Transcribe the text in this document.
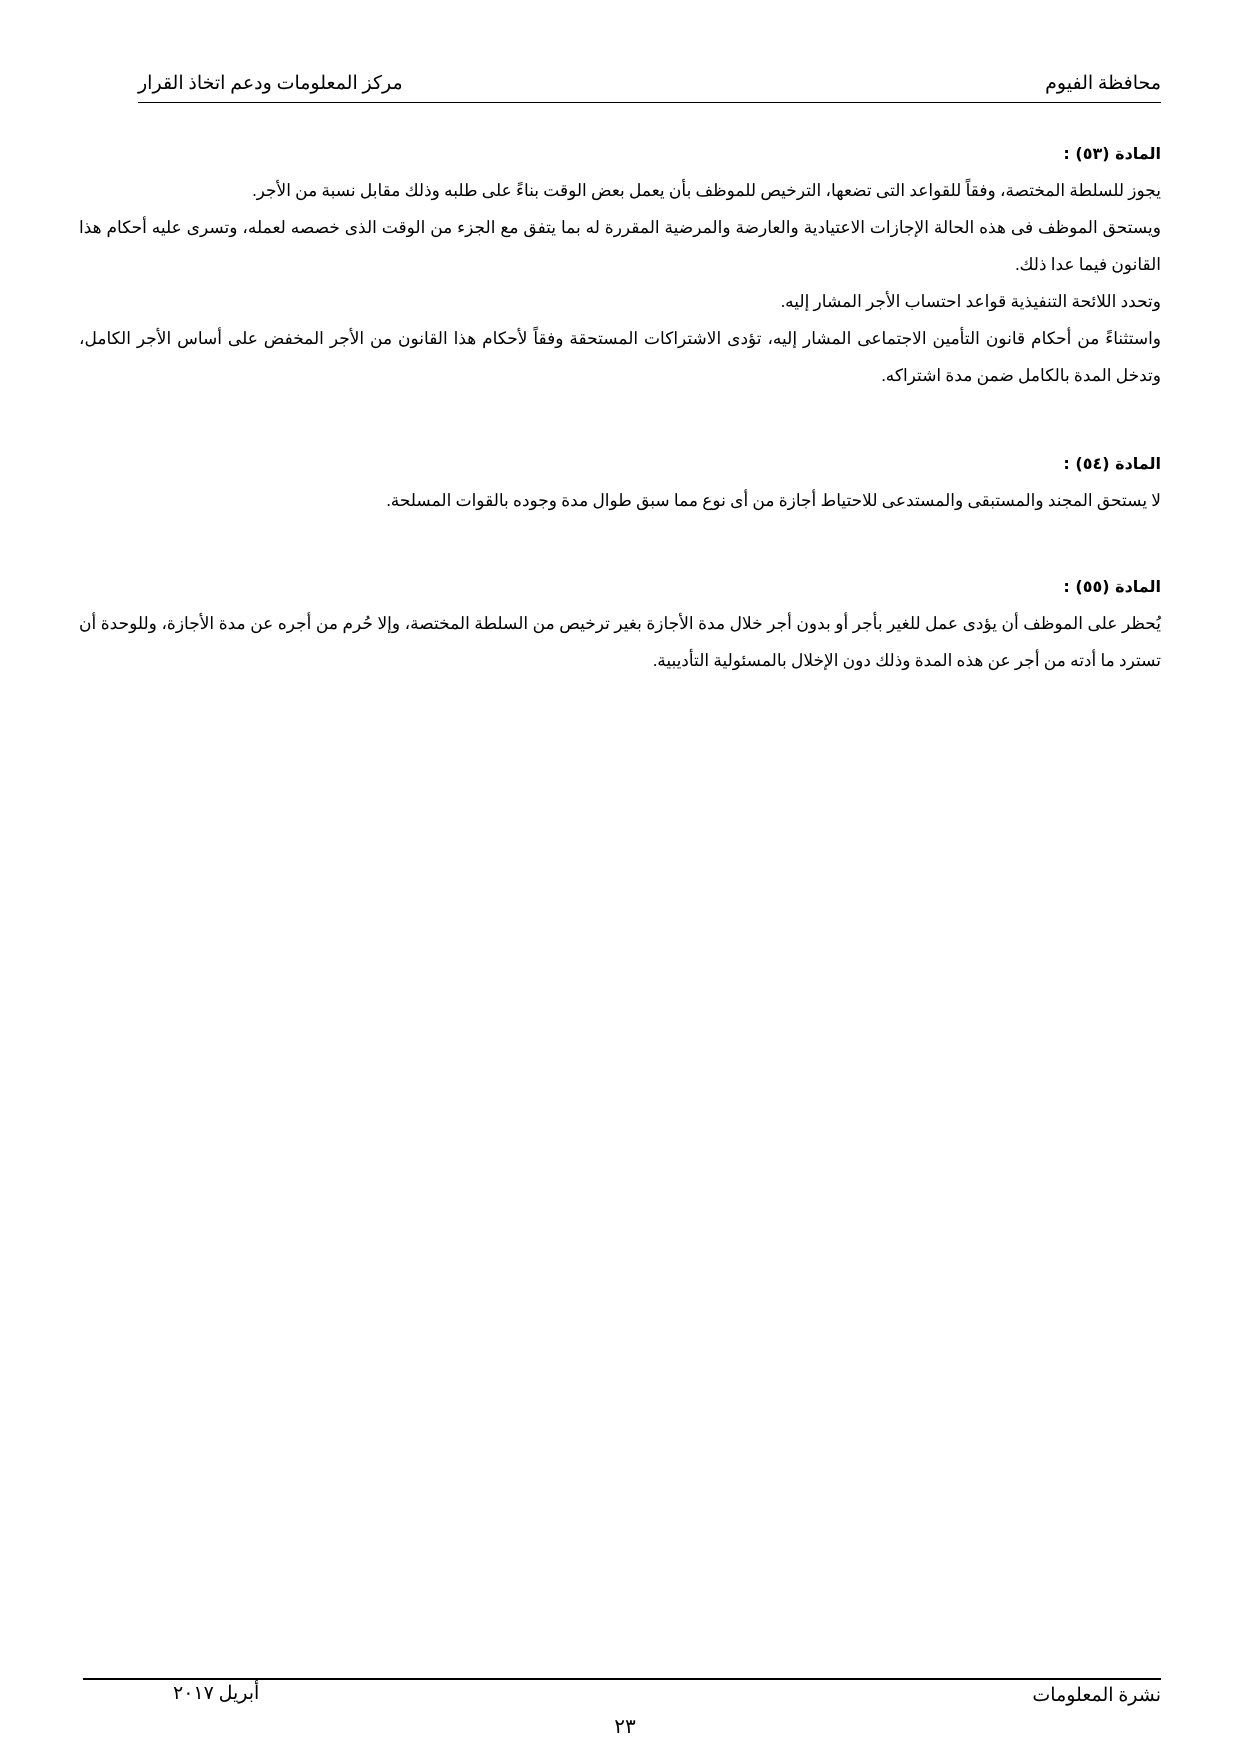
محافظة الفيوم
مركز المعلومات ودعم اتخاذ القرار

المادة (٥٣) :

يجوز للسلطة المختصة، وفقاً للقواعد التى تضعها، الترخيص للموظف بأن يعمل بعض الوقت بناءً على طلبه وذلك مقابل نسبة من الأجر.

ويستحق الموظف فى هذه الحالة الإجازات الاعتيادية والعارضة والمرضية المقررة له بما يتفق مع الجزء من الوقت الذى خصصه لعمله، وتسرى عليه أحكام هذا القانون فيما عدا ذلك.

وتحدد اللائحة التنفيذية قواعد احتساب الأجر المشار إليه.

واستثناءً من أحكام قانون التأمين الاجتماعى المشار إليه، تؤدى الاشتراكات المستحقة وفقاً لأحكام هذا القانون من الأجر المخفض على أساس الأجر الكامل، وتدخل المدة بالكامل ضمن مدة اشتراكه.

المادة (٥٤) :

لا يستحق المجند والمستبقى والمستدعى للاحتياط أجازة من أى نوع مما سبق طوال مدة وجوده بالقوات المسلحة.

المادة (٥٥) :

يُحظر على الموظف أن يؤدى عمل للغير بأجر أو بدون أجر خلال مدة الأجازة بغير ترخيص من السلطة المختصة، وإلا حُرم من أجره عن مدة الأجازة، وللوحدة أن تسترد ما أدته من أجر عن هذه المدة وذلك دون الإخلال بالمسئولية التأديبية.

نشرة المعلومات
أبريل ٢٠١٧
٢٣
